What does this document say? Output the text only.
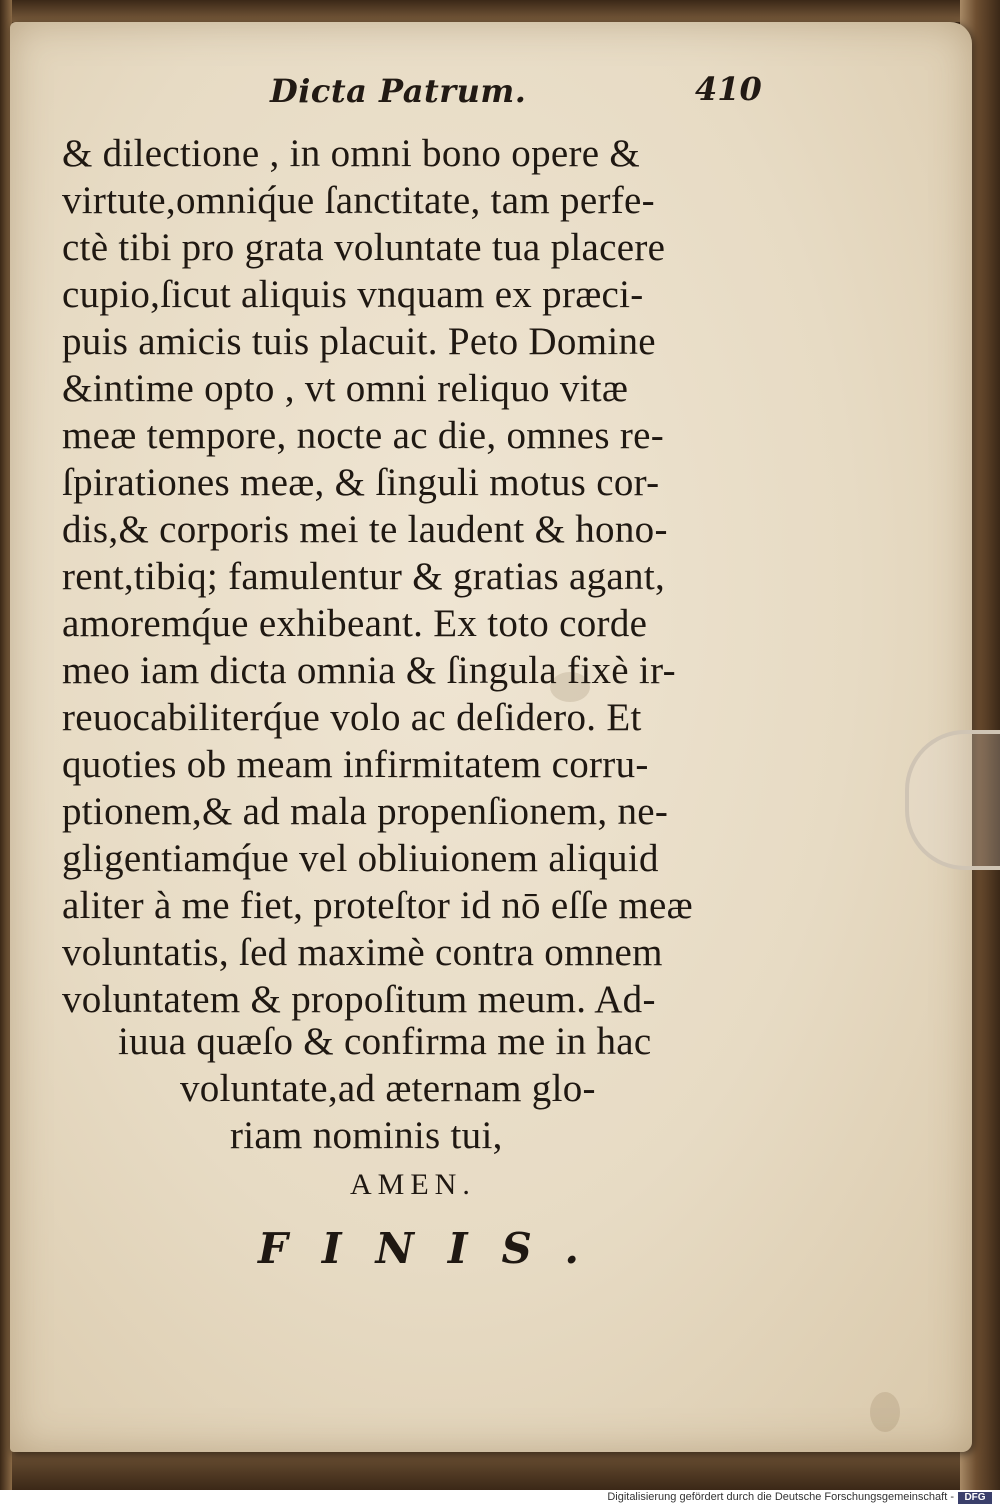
Dicta Patrum.	410
& dilectione , in omni bono opere &
virtute,omniq́ue ſanctitate, tam perfe-
ctè tibi pro grata voluntate tua placere
cupio,ſicut aliquis vnquam ex præci-
puis amicis tuis placuit. Peto Domine
&intime opto , vt omni reliquo vitæ
meæ tempore, nocte ac die, omnes re-
ſpirationes meæ, & ſinguli motus cor-
dis,& corporis mei te laudent & hono-
rent,tibiq; famulentur & gratias agant,
amoremq́ue exhibeant. Ex toto corde
meo iam dicta omnia & ſingula fixè ir-
reuocabiliterq́ue volo ac deſidero. Et
quoties ob meam infirmitatem corru-
ptionem,& ad mala propenſionem, ne-
gligentiamq́ue vel obliuionem aliquid
aliter à me fiet, proteſtor id nō eſſe meæ
voluntatis, ſed maximè contra omnem
voluntatem & propoſitum meum. Ad-
iuua quæſo & confirma me in hac
voluntate,ad æternam glo-
riam nominis tui,
AMEN.
FINIS.
Digitalisierung gefördert durch die Deutsche Forschungsgemeinschaft -	DFG
